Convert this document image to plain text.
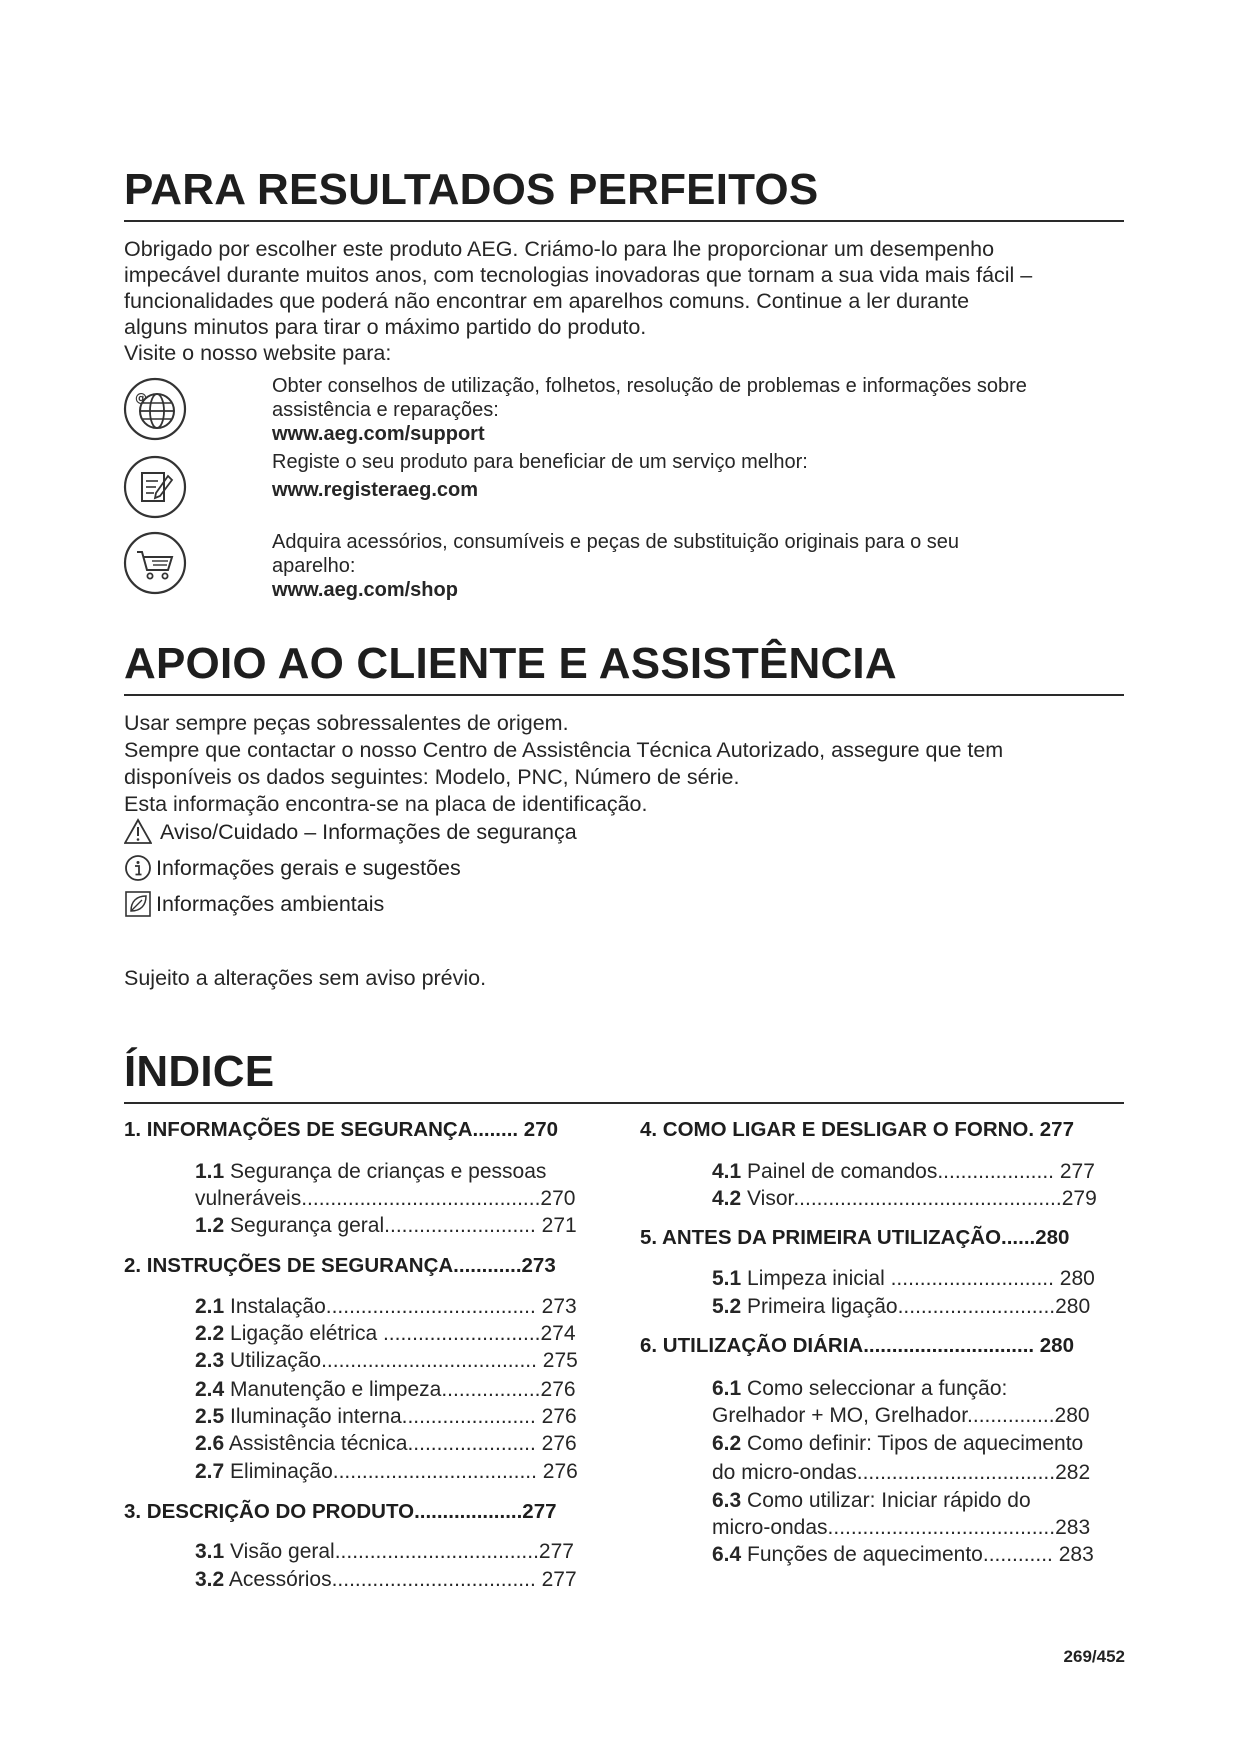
PARA RESULTADOS PERFEITOS

Obrigado por escolher este produto AEG. Criámo-lo para lhe proporcionar um desempenho

impecável durante muitos anos, com tecnologias inovadoras que tornam a sua vida mais fácil –

funcionalidades que poderá não encontrar em aparelhos comuns. Continue a ler durante

alguns minutos para tirar o máximo partido do produto.

Visite o nosso website para:

@
Obter conselhos de utilização, folhetos, resolução de problemas e informações sobre
assistência e reparações:
www.aeg.com/support
Registe o seu produto para beneficiar de um serviço melhor:
www.registeraeg.com
Adquira acessórios, consumíveis e peças de substituição originais para o seu
aparelho:
www.aeg.com/shop
APOIO AO CLIENTE E ASSISTÊNCIA

Usar sempre peças sobressalentes de origem.

Sempre que contactar o nosso Centro de Assistência Técnica Autorizado, assegure que tem

disponíveis os dados seguintes: Modelo, PNC, Número de série.

Esta informação encontra-se na placa de identificação.

Aviso/Cuidado – Informações de segurança
Informações gerais e sugestões
Informações ambientais
Sujeito a alterações sem aviso prévio.
ÍNDICE
1. INFORMAÇÕES DE SEGURANÇA........ 270
1.1 Segurança de crianças e pessoas
vulneráveis.........................................270
1.2 Segurança geral.......................... 271
2. INSTRUÇÕES DE SEGURANÇA............273
2.1 Instalação.................................... 273
2.2 Ligação elétrica ...........................274
2.3 Utilização..................................... 275
2.4 Manutenção e limpeza.................276
2.5 Iluminação interna....................... 276
2.6 Assistência técnica...................... 276
2.7 Eliminação................................... 276
3. DESCRIÇÃO DO PRODUTO...................277
3.1 Visão geral...................................277
3.2 Acessórios................................... 277
4. COMO LIGAR E DESLIGAR O FORNO. 277
4.1 Painel de comandos.................... 277
4.2 Visor..............................................279
5. ANTES DA PRIMEIRA UTILIZAÇÃO......280
5.1 Limpeza inicial ............................ 280
5.2 Primeira ligação...........................280
6. UTILIZAÇÃO DIÁRIA.............................. 280
6.1 Como seleccionar a função:
Grelhador + MO, Grelhador...............280
6.2 Como definir: Tipos de aquecimento
do micro-ondas..................................282
6.3 Como utilizar: Iniciar rápido do
micro-ondas.......................................283
6.4 Funções de aquecimento............ 283
269/452
